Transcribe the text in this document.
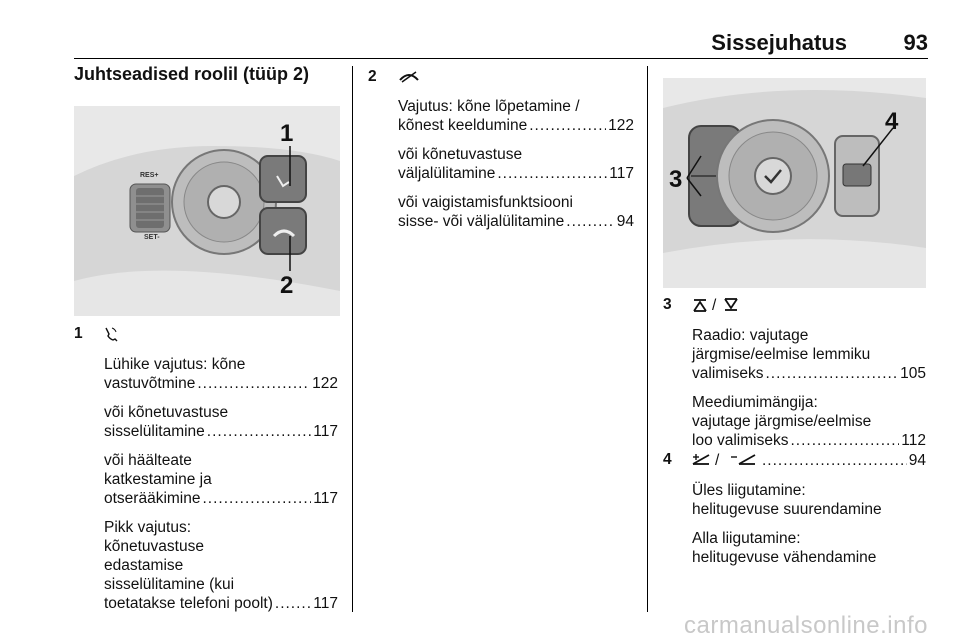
Sissejuhatus	93
Juhtseadised roolil (tüüp 2)
RES+
SET-
1
2
1
Lühike vajutus: kõne
vastuvõtmine .....	122
või kõnetuvastuse
sisselülitamine .....	117
või häälteate
katkestamine ja
otserääkimine .....	117
Pikk vajutus:
kõnetuvastuse
edastamise
sisselülitamine (kui
toetatakse telefoni poolt) .....	117
2
Vajutus: kõne lõpetamine /
kõnest keeldumine .....	122
või kõnetuvastuse
väljalülitamine .....	117
või vaigistamisfunktsiooni
sisse- või väljalülitamine .....	94
3
4
3	/
Raadio: vajutage
järgmise/eelmise lemmiku
valimiseks .....	105
Meediumimängija:
vajutage järgmise/eelmise
loo valimiseks .....	112
4	/ .....	94
Üles liigutamine:
helitugevuse suurendamine
Alla liigutamine:
helitugevuse vähendamine
carmanualsonline.info
